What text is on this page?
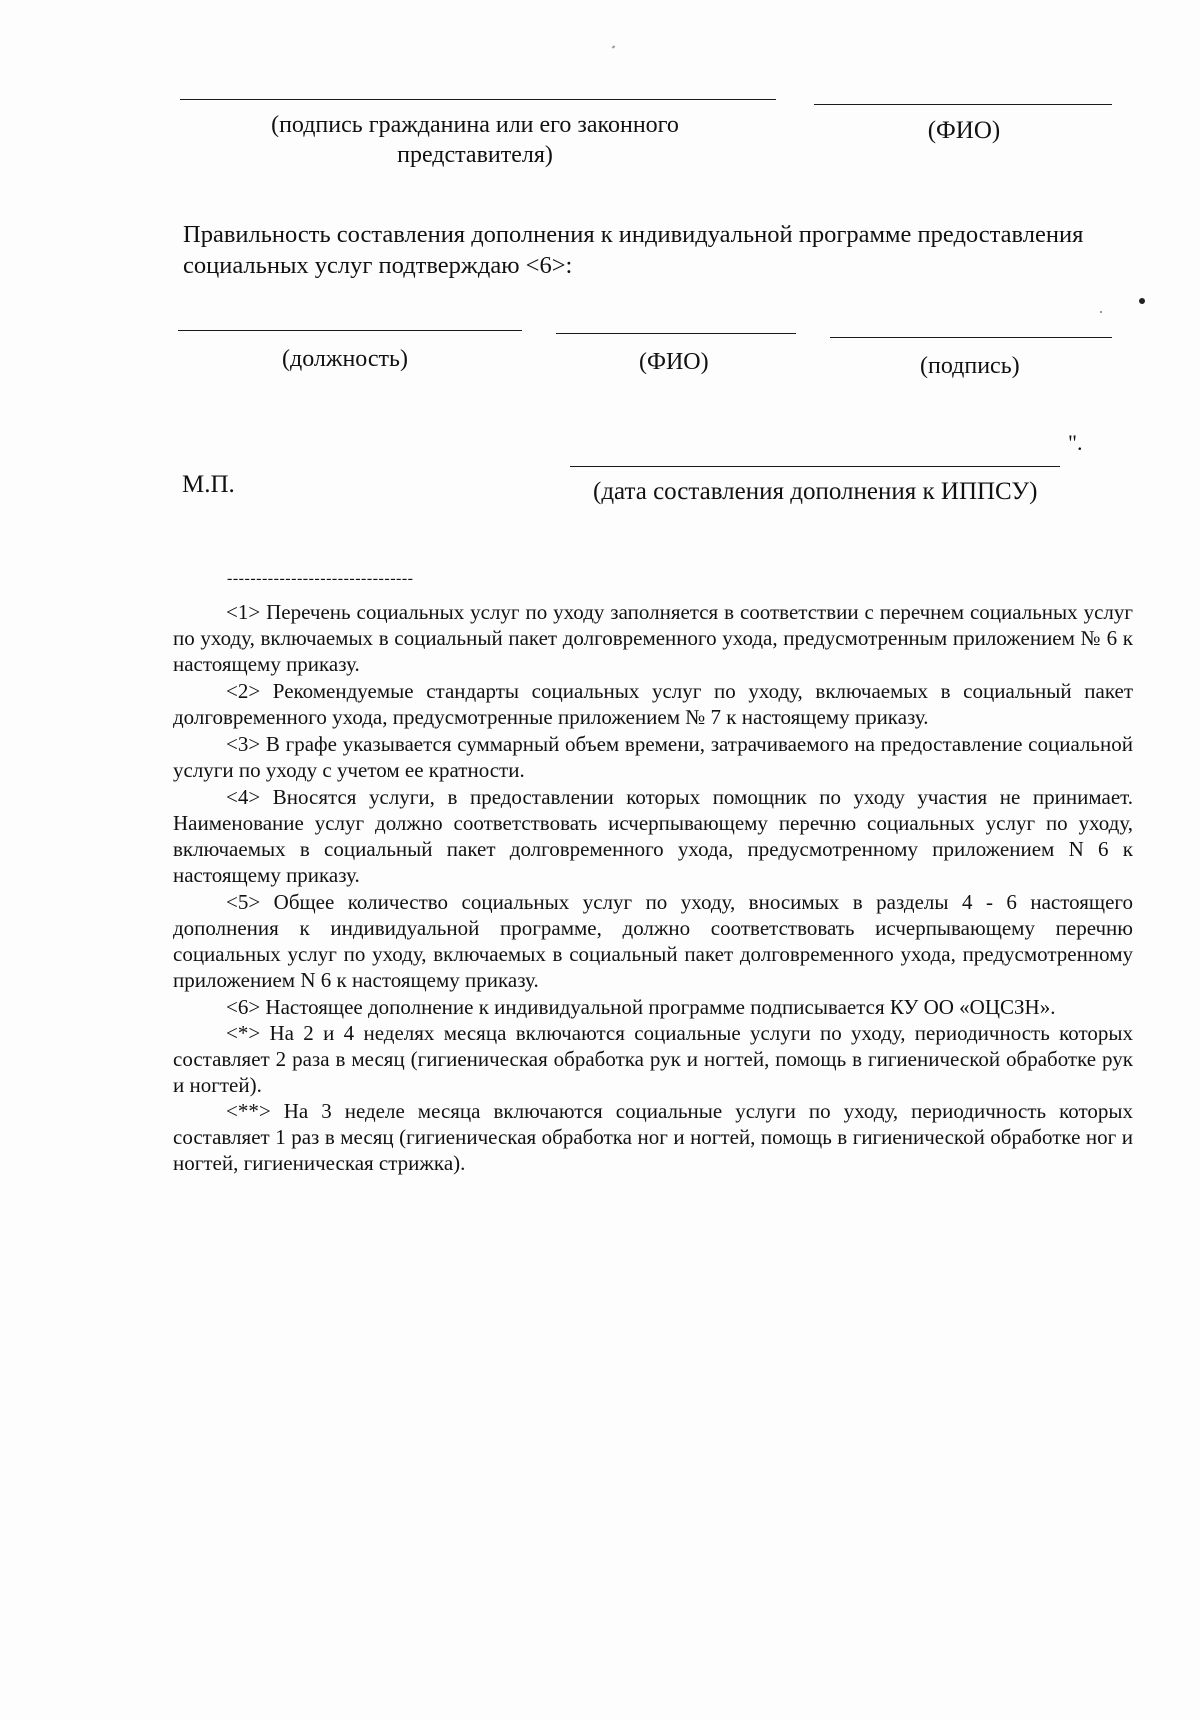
(подпись гражданина или его законного представителя)
(ФИО)
Правильность составления дополнения к индивидуальной программе предоставления социальных услуг подтверждаю <6>:
(должность)	(ФИО)	(подпись)
".
М.П.	(дата составления дополнения к ИППСУ)
--------------------------------

<1> Перечень социальных услуг по уходу заполняется в соответствии с перечнем социальных услуг по уходу, включаемых в социальный пакет долговременного ухода, предусмотренным приложением № 6 к настоящему приказу.

<2> Рекомендуемые стандарты социальных услуг по уходу, включаемых в социальный пакет долговременного ухода, предусмотренные приложением № 7 к настоящему приказу.

<3> В графе указывается суммарный объем времени, затрачиваемого на предоставление социальной услуги по уходу с учетом ее кратности.

<4> Вносятся услуги, в предоставлении которых помощник по уходу участия не принимает. Наименование услуг должно соответствовать исчерпывающему перечню социальных услуг по уходу, включаемых в социальный пакет долговременного ухода, предусмотренному приложением N 6 к настоящему приказу.

<5> Общее количество социальных услуг по уходу, вносимых в разделы 4 - 6 настоящего дополнения к индивидуальной программе, должно соответствовать исчерпывающему перечню социальных услуг по уходу, включаемых в социальный пакет долговременного ухода, предусмотренному приложением N 6 к настоящему приказу.

<6> Настоящее дополнение к индивидуальной программе подписывается КУ ОО «ОЦСЗН».

<*> На 2 и 4 неделях месяца включаются социальные услуги по уходу, периодичность которых составляет 2 раза в месяц (гигиеническая обработка рук и ногтей, помощь в гигиенической обработке рук и ногтей).

<**> На 3 неделе месяца включаются социальные услуги по уходу, периодичность которых составляет 1 раз в месяц (гигиеническая обработка ног и ногтей, помощь в гигиенической обработке ног и ногтей, гигиеническая стрижка).
